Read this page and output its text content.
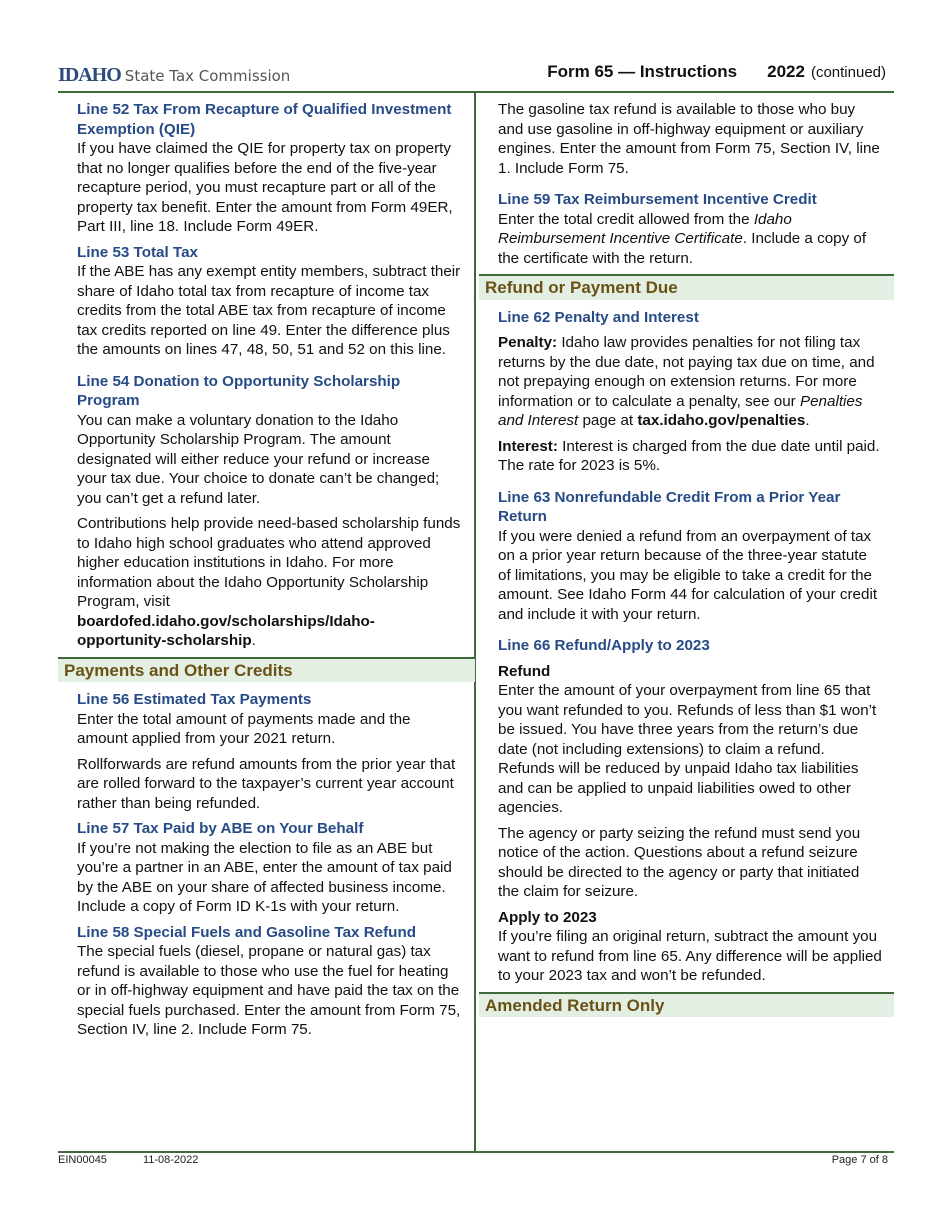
IDAHO State Tax Commission	Form 65 — Instructions 2022 (continued)
Line 52 Tax From Recapture of Qualified Investment Exemption (QIE)

If you have claimed the QIE for property tax on property that no longer qualifies before the end of the five-year recapture period, you must recapture part or all of the property tax benefit. Enter the amount from Form 49ER, Part III, line 18. Include Form 49ER.

Line 53 Total Tax

If the ABE has any exempt entity members, subtract their share of Idaho total tax from recapture of income tax credits from the total ABE tax from recapture of income tax credits reported on line 49. Enter the difference plus the amounts on lines 47, 48, 50, 51 and 52 on this line.

Line 54 Donation to Opportunity Scholarship Program

You can make a voluntary donation to the Idaho Opportunity Scholarship Program. The amount designated will either reduce your refund or increase your tax due. Your choice to donate can’t be changed; you can’t get a refund later.

Contributions help provide need-based scholarship funds to Idaho high school graduates who attend approved higher education institutions in Idaho. For more information about the Idaho Opportunity Scholarship Program, visit boardofed.idaho.gov/scholarships/Idaho-opportunity-scholarship.

Payments and Other Credits
Line 56 Estimated Tax Payments

Enter the total amount of payments made and the amount applied from your 2021 return.

Rollforwards are refund amounts from the prior year that are rolled forward to the taxpayer’s current year account rather than being refunded.

Line 57 Tax Paid by ABE on Your Behalf

If you’re not making the election to file as an ABE but you’re a partner in an ABE, enter the amount of tax paid by the ABE on your share of affected business income. Include a copy of Form ID K-1s with your return.

Line 58 Special Fuels and Gasoline Tax Refund

The special fuels (diesel, propane or natural gas) tax refund is available to those who use the fuel for heating or in off-highway equipment and have paid the tax on the special fuels purchased. Enter the amount from Form 75, Section IV, line 2. Include Form 75.

The gasoline tax refund is available to those who buy and use gasoline in off-highway equipment or auxiliary engines. Enter the amount from Form 75, Section IV, line 1. Include Form 75.

Line 59 Tax Reimbursement Incentive Credit

Enter the total credit allowed from the Idaho Reimbursement Incentive Certificate. Include a copy of the certificate with the return.

Refund or Payment Due
Line 62 Penalty and Interest

Penalty: Idaho law provides penalties for not filing tax returns by the due date, not paying tax due on time, and not prepaying enough on extension returns. For more information or to calculate a penalty, see our Penalties and Interest page at tax.idaho.gov/penalties.

Interest: Interest is charged from the due date until paid. The rate for 2023 is 5%.

Line 63 Nonrefundable Credit From a Prior Year Return

If you were denied a refund from an overpayment of tax on a prior year return because of the three-year statute of limitations, you may be eligible to take a credit for the amount. See Idaho Form 44 for calculation of your credit and include it with your return.

Line 66 Refund/Apply to 2023
Refund

Enter the amount of your overpayment from line 65 that you want refunded to you. Refunds of less than $1 won’t be issued. You have three years from the return’s due date (not including extensions) to claim a refund. Refunds will be reduced by unpaid Idaho tax liabilities and can be applied to unpaid liabilities owed to other agencies.

The agency or party seizing the refund must send you notice of the action. Questions about a refund seizure should be directed to the agency or party that initiated the claim for seizure.

Apply to 2023

If you’re filing an original return, subtract the amount you want to refund from line 65. Any difference will be applied to your 2023 tax and won’t be refunded.

Amended Return Only
EIN00045	11-08-2022	Page 7 of 8
